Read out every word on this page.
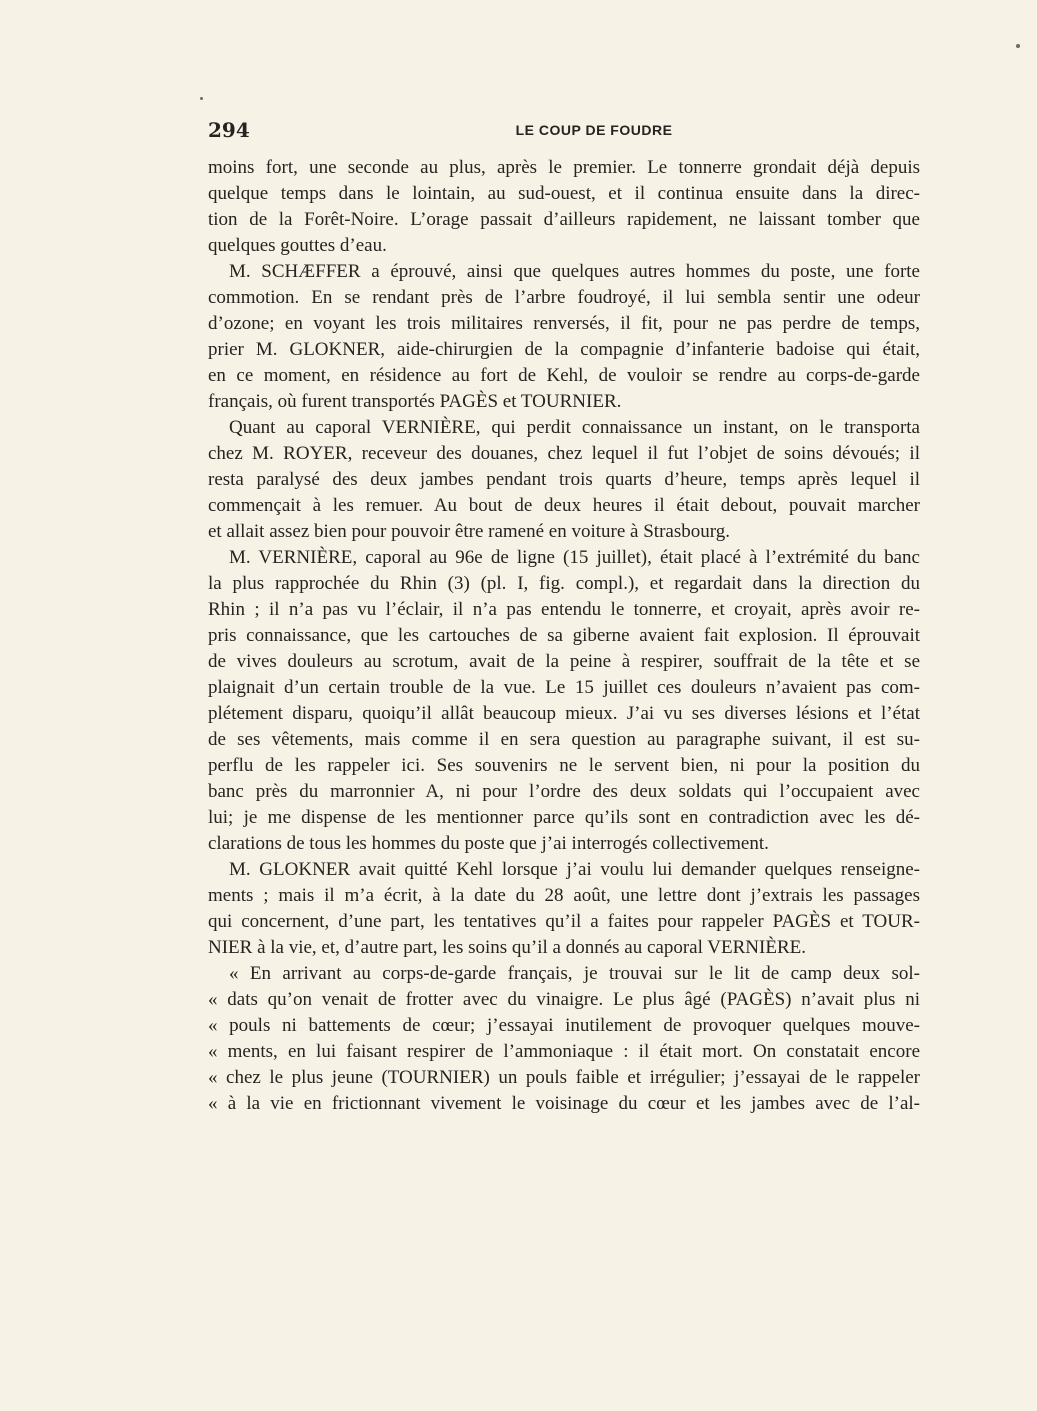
294	LE COUP DE FOUDRE
moins fort, une seconde au plus, après le premier. Le tonnerre grondait déjà depuis
quelque temps dans le lointain, au sud-ouest, et il continua ensuite dans la direc-
tion de la Forêt-Noire. L’orage passait d’ailleurs rapidement, ne laissant tomber que
quelques gouttes d’eau.
M. SCHÆFFER a éprouvé, ainsi que quelques autres hommes du poste, une forte
commotion. En se rendant près de l’arbre foudroyé, il lui sembla sentir une odeur
d’ozone; en voyant les trois militaires renversés, il fit, pour ne pas perdre de temps,
prier M. GLOKNER, aide-chirurgien de la compagnie d’infanterie badoise qui était,
en ce moment, en résidence au fort de Kehl, de vouloir se rendre au corps-de-garde
français, où furent transportés PAGÈS et TOURNIER.
Quant au caporal VERNIÈRE, qui perdit connaissance un instant, on le transporta
chez M. ROYER, receveur des douanes, chez lequel il fut l’objet de soins dévoués; il
resta paralysé des deux jambes pendant trois quarts d’heure, temps après lequel il
commençait à les remuer. Au bout de deux heures il était debout, pouvait marcher
et allait assez bien pour pouvoir être ramené en voiture à Strasbourg.
M. VERNIÈRE, caporal au 96e de ligne (15 juillet), était placé à l’extrémité du banc
la plus rapprochée du Rhin (3) (pl. I, fig. compl.), et regardait dans la direction du
Rhin ; il n’a pas vu l’éclair, il n’a pas entendu le tonnerre, et croyait, après avoir re-
pris connaissance, que les cartouches de sa giberne avaient fait explosion. Il éprouvait
de vives douleurs au scrotum, avait de la peine à respirer, souffrait de la tête et se
plaignait d’un certain trouble de la vue. Le 15 juillet ces douleurs n’avaient pas com-
plétement disparu, quoiqu’il allât beaucoup mieux. J’ai vu ses diverses lésions et l’état
de ses vêtements, mais comme il en sera question au paragraphe suivant, il est su-
perflu de les rappeler ici. Ses souvenirs ne le servent bien, ni pour la position du
banc près du marronnier A, ni pour l’ordre des deux soldats qui l’occupaient avec
lui; je me dispense de les mentionner parce qu’ils sont en contradiction avec les dé-
clarations de tous les hommes du poste que j’ai interrogés collectivement.
M. GLOKNER avait quitté Kehl lorsque j’ai voulu lui demander quelques renseigne-
ments ; mais il m’a écrit, à la date du 28 août, une lettre dont j’extrais les passages
qui concernent, d’une part, les tentatives qu’il a faites pour rappeler PAGÈS et TOUR-
NIER à la vie, et, d’autre part, les soins qu’il a donnés au caporal VERNIÈRE.
« En arrivant au corps-de-garde français, je trouvai sur le lit de camp deux sol-
« dats qu’on venait de frotter avec du vinaigre. Le plus âgé (PAGÈS) n’avait plus ni
« pouls ni battements de cœur; j’essayai inutilement de provoquer quelques mouve-
« ments, en lui faisant respirer de l’ammoniaque : il était mort. On constatait encore
« chez le plus jeune (TOURNIER) un pouls faible et irrégulier; j’essayai de le rappeler
« à la vie en frictionnant vivement le voisinage du cœur et les jambes avec de l’al-
